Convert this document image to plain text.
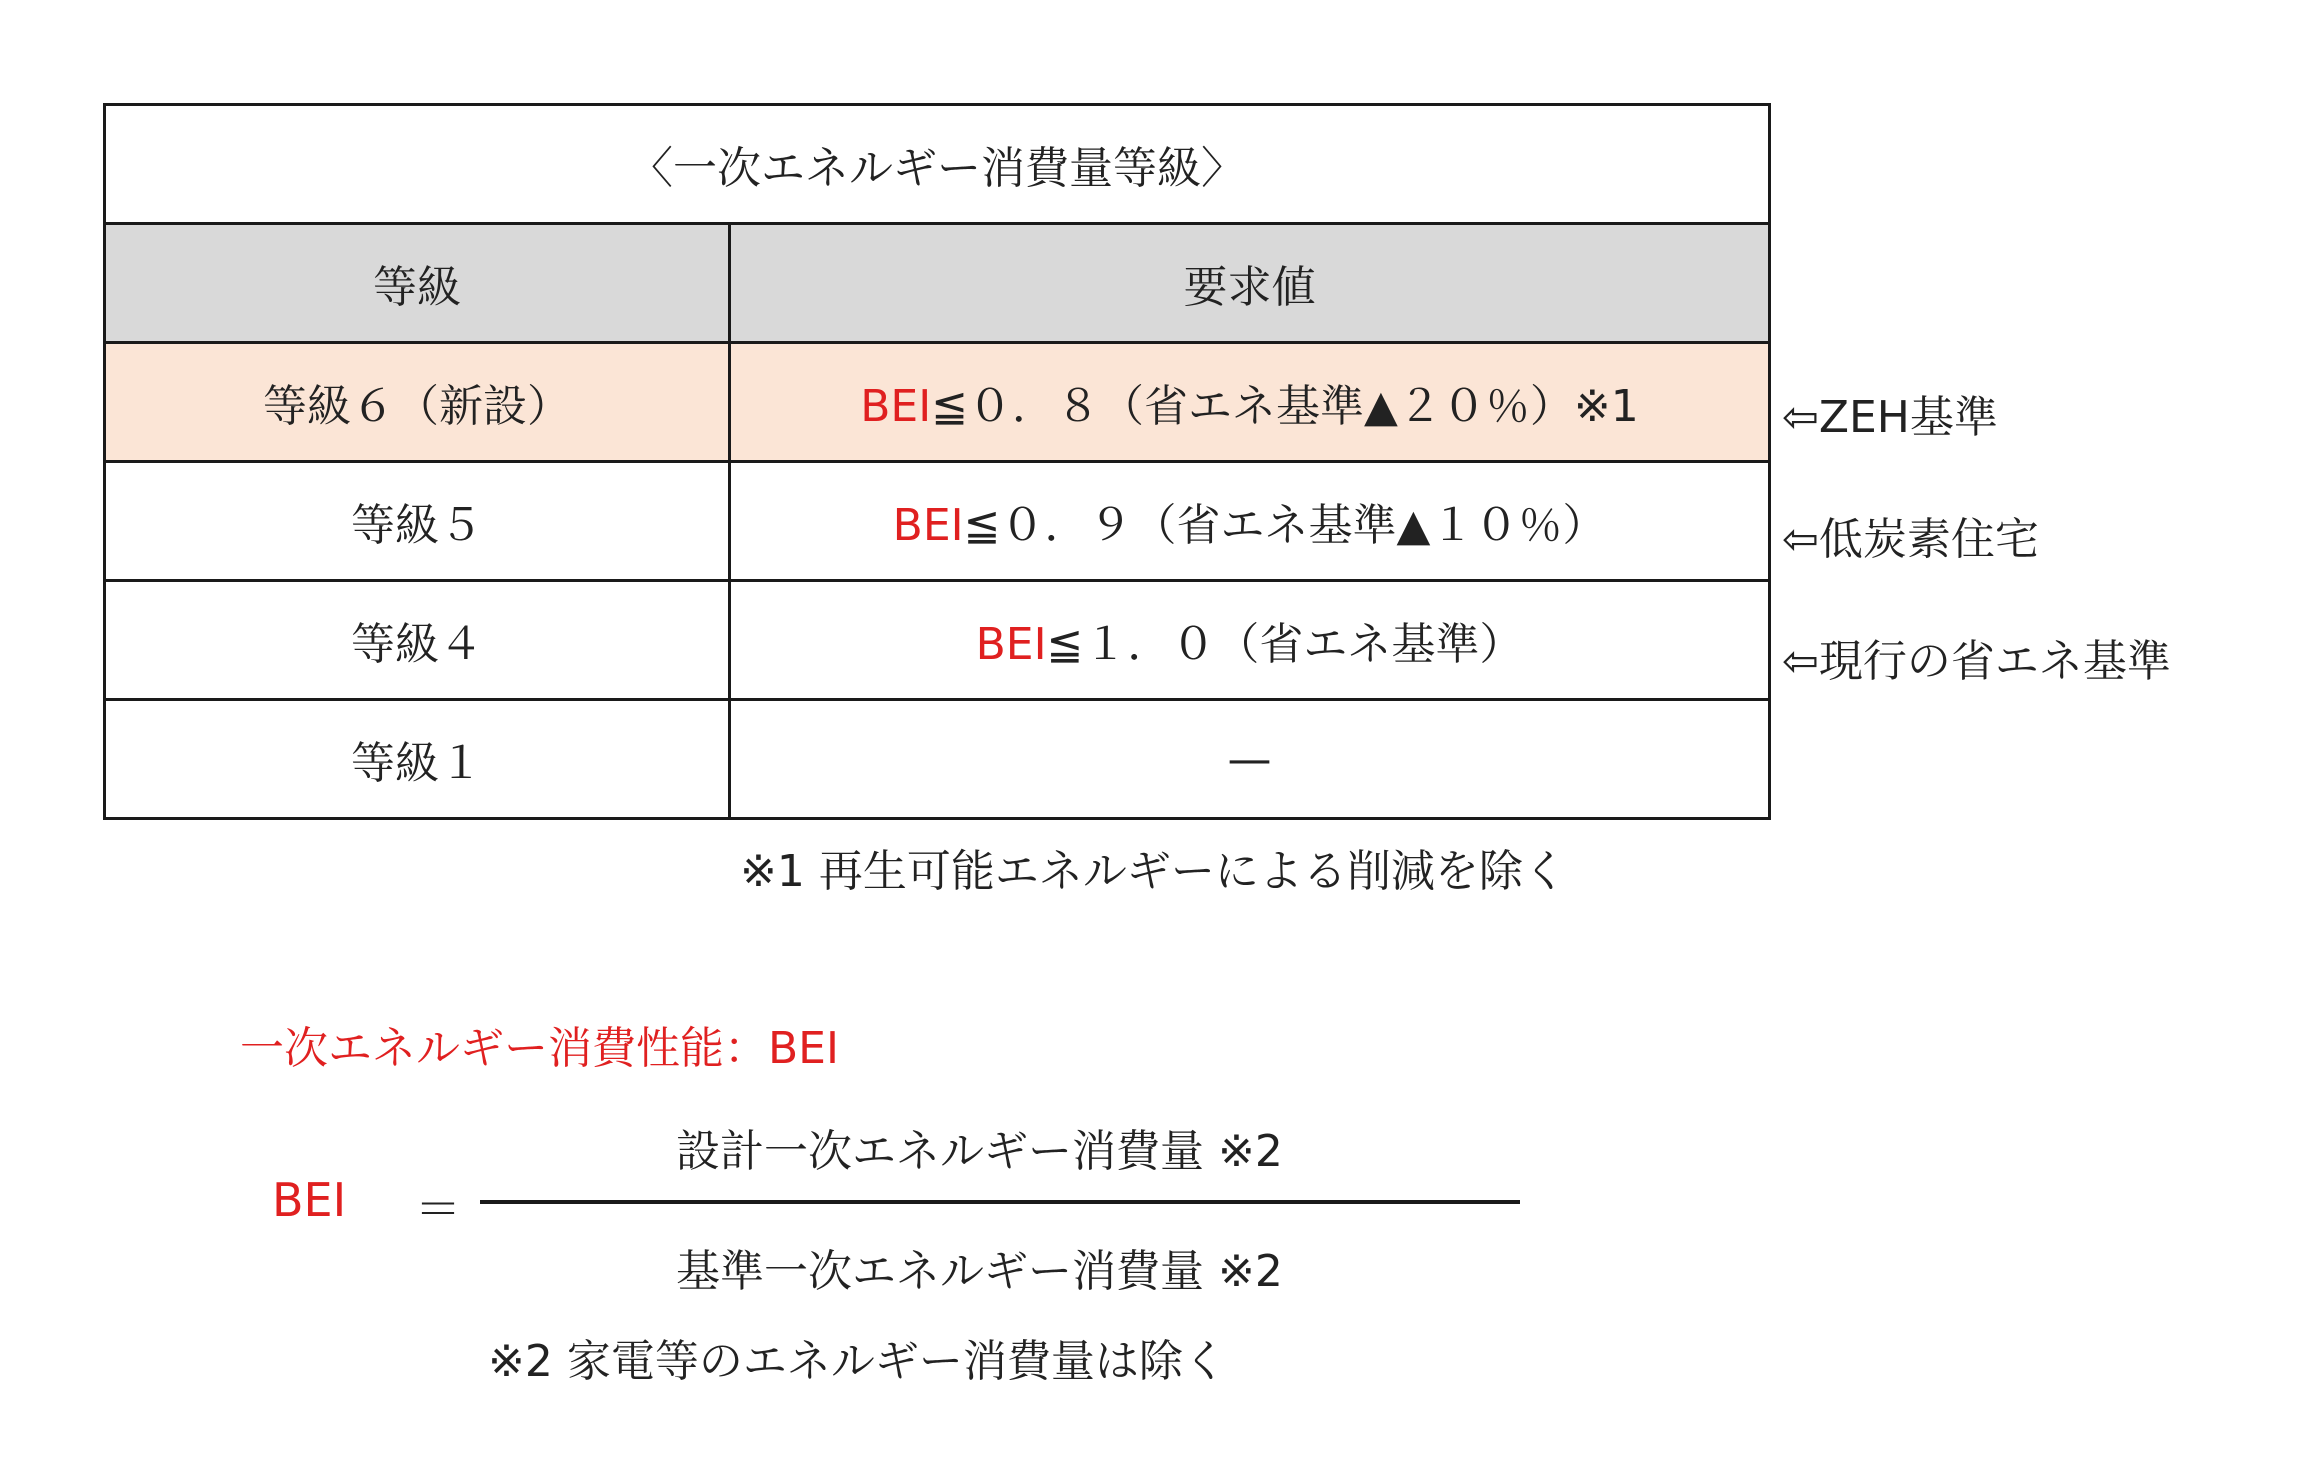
〈一次エネルギー消費量等級〉	
等級	要求値
等級６（新設）	BEI≦０．８（省エネ基準▲２０％）※1
等級５	BEI≦０．９（省エネ基準▲１０％）
等級４	BEI≦１．０（省エネ基準）
等級１	—
⇦ZEH基準
⇦低炭素住宅
⇦現行の省エネ基準
※1 再生可能エネルギーによる削減を除く
一次エネルギー消費性能：BEI
BEI ＝
設計一次エネルギー消費量 ※2
基準一次エネルギー消費量 ※2
※2 家電等のエネルギー消費量は除く
